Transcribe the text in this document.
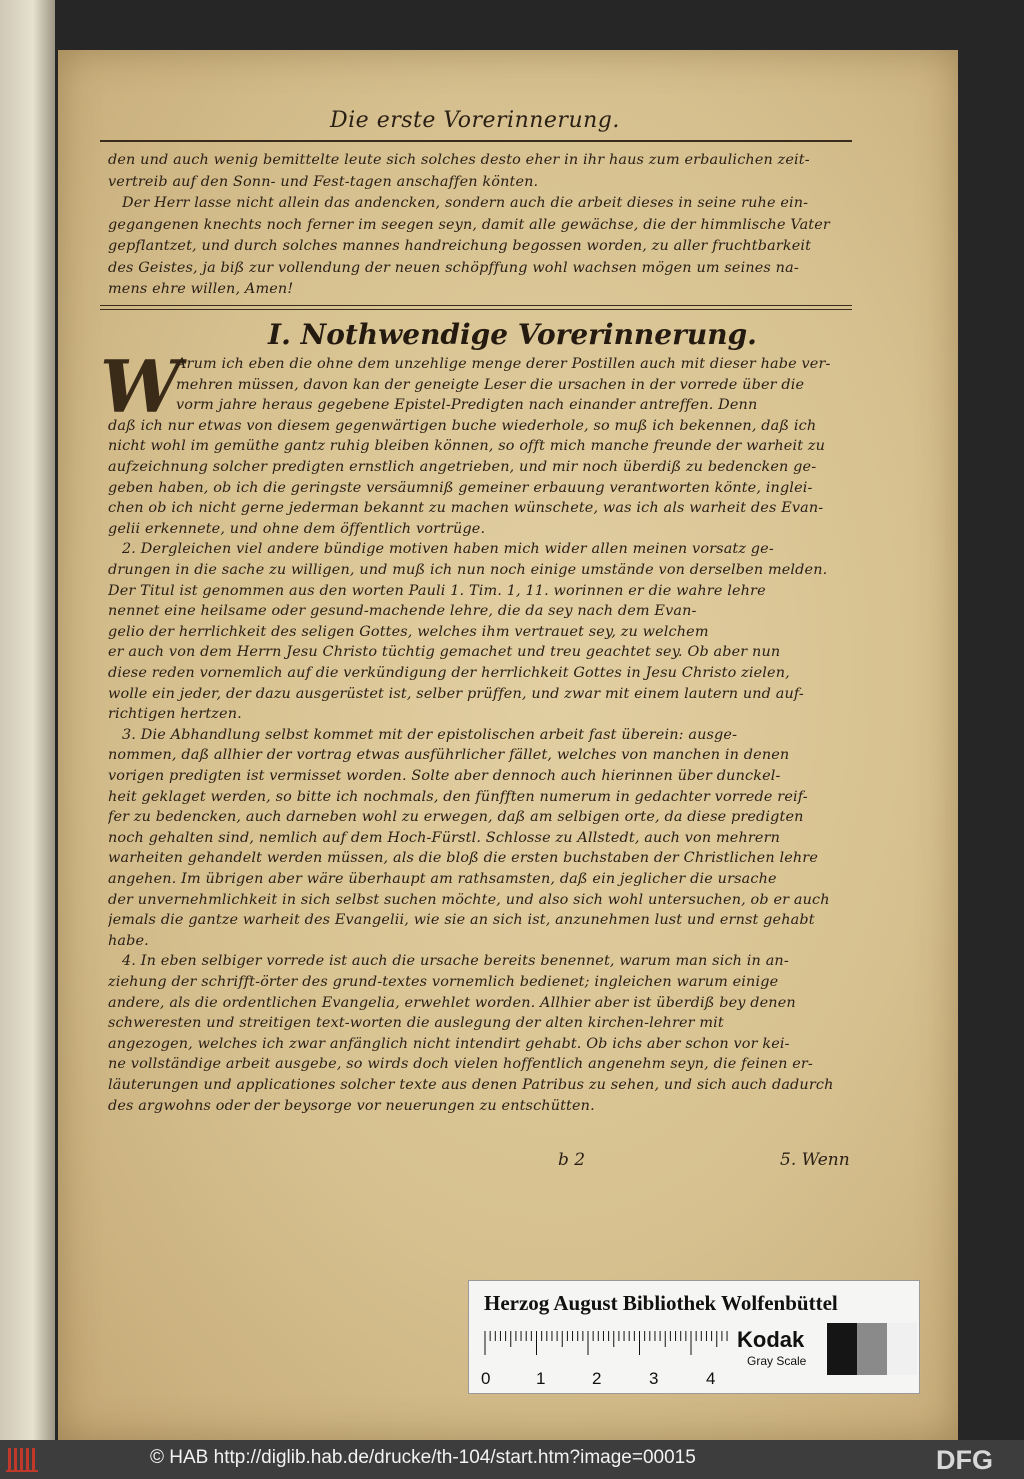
Die erste Vorerinnerung.
den und auch wenig bemittelte leute sich solches desto eher in ihr haus zum erbaulichen zeit-
vertreib auf den Sonn- und Fest-tagen anschaffen könten.
Der Herr lasse nicht allein das andencken, sondern auch die arbeit dieses in seine ruhe ein-
gegangenen knechts noch ferner im seegen seyn, damit alle gewächse, die der himmlische Vater
gepflantzet, und durch solches mannes handreichung begossen worden, zu aller fruchtbarkeit
des Geistes, ja biß zur vollendung der neuen schöpffung wohl wachsen mögen um seines na-
mens ehre willen, Amen!
I. Nothwendige Vorerinnerung.
W
Arum ich eben die ohne dem unzehlige menge derer Postillen auch mit dieser habe ver-
mehren müssen, davon kan der geneigte Leser die ursachen in der vorrede über die
vorm jahre heraus gegebene Epistel-Predigten nach einander antreffen. Denn
daß ich nur etwas von diesem gegenwärtigen buche wiederhole, so muß ich bekennen, daß ich
nicht wohl im gemüthe gantz ruhig bleiben können, so offt mich manche freunde der warheit zu
aufzeichnung solcher predigten ernstlich angetrieben, und mir noch überdiß zu bedencken ge-
geben haben, ob ich die geringste versäumniß gemeiner erbauung verantworten könte, inglei-
chen ob ich nicht gerne jederman bekannt zu machen wünschete, was ich als warheit des Evan-
gelii erkennete, und ohne dem öffentlich vortrüge.
2. Dergleichen viel andere bündige motiven haben mich wider allen meinen vorsatz ge-
drungen in die sache zu willigen, und muß ich nun noch einige umstände von derselben melden.
Der Titul ist genommen aus den worten Pauli 1. Tim. 1, 11. worinnen er die wahre lehre
nennet eine heilsame oder gesund-machende lehre, die da sey nach dem Evan-
gelio der herrlichkeit des seligen Gottes, welches ihm vertrauet sey, zu welchem
er auch von dem Herrn Jesu Christo tüchtig gemachet und treu geachtet sey. Ob aber nun
diese reden vornemlich auf die verkündigung der herrlichkeit Gottes in Jesu Christo zielen,
wolle ein jeder, der dazu ausgerüstet ist, selber prüffen, und zwar mit einem lautern und auf-
richtigen hertzen.
3. Die Abhandlung selbst kommet mit der epistolischen arbeit fast überein: ausge-
nommen, daß allhier der vortrag etwas ausführlicher fället, welches von manchen in denen
vorigen predigten ist vermisset worden. Solte aber dennoch auch hierinnen über dunckel-
heit geklaget werden, so bitte ich nochmals, den fünfften numerum in gedachter vorrede reif-
fer zu bedencken, auch darneben wohl zu erwegen, daß am selbigen orte, da diese predigten
noch gehalten sind, nemlich auf dem Hoch-Fürstl. Schlosse zu Allstedt, auch von mehrern
warheiten gehandelt werden müssen, als die bloß die ersten buchstaben der Christlichen lehre
angehen. Im übrigen aber wäre überhaupt am rathsamsten, daß ein jeglicher die ursache
der unvernehmlichkeit in sich selbst suchen möchte, und also sich wohl untersuchen, ob er auch
jemals die gantze warheit des Evangelii, wie sie an sich ist, anzunehmen lust und ernst gehabt
habe.
4. In eben selbiger vorrede ist auch die ursache bereits benennet, warum man sich in an-
ziehung der schrifft-örter des grund-textes vornemlich bedienet; ingleichen warum einige
andere, als die ordentlichen Evangelia, erwehlet worden. Allhier aber ist überdiß bey denen
schweresten und streitigen text-worten die auslegung der alten kirchen-lehrer mit
angezogen, welches ich zwar anfänglich nicht intendirt gehabt. Ob ichs aber schon vor kei-
ne vollständige arbeit ausgebe, so wirds doch vielen hoffentlich angenehm seyn, die feinen er-
läuterungen und applicationes solcher texte aus denen Patribus zu sehen, und sich auch dadurch
des argwohns oder der beysorge vor neuerungen zu entschütten.
b 2	5. Wenn
Herzog August Bibliothek Wolfenbüttel
0	1	2	3	4
Kodak
Gray Scale
© HAB http://diglib.hab.de/drucke/th-104/start.htm?image=00015	DFG
